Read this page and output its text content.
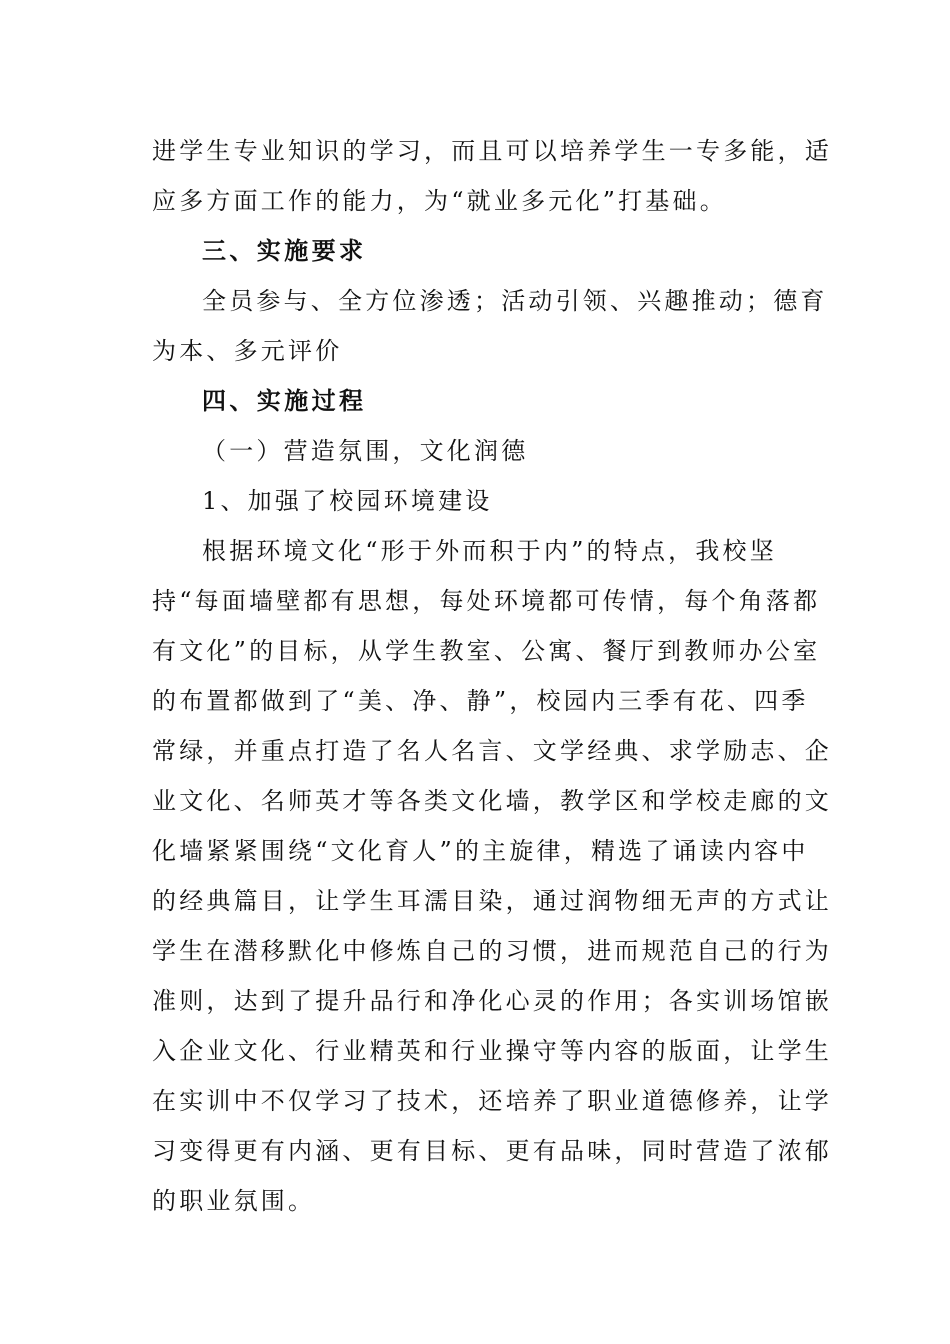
进学生专业知识的学习，而且可以培养学生一专多能，适
应多方面工作的能力，为“就业多元化”打基础。
三、实施要求
全员参与、全方位渗透；活动引领、兴趣推动；德育
为本、多元评价
四、实施过程
（一）营造氛围，文化润德
1、加强了校园环境建设
根据环境文化“形于外而积于内”的特点，我校坚
持“每面墙壁都有思想，每处环境都可传情，每个角落都
有文化”的目标，从学生教室、公寓、餐厅到教师办公室
的布置都做到了“美、净、静”，校园内三季有花、四季
常绿，并重点打造了名人名言、文学经典、求学励志、企
业文化、名师英才等各类文化墙，教学区和学校走廊的文
化墙紧紧围绕“文化育人”的主旋律，精选了诵读内容中
的经典篇目，让学生耳濡目染，通过润物细无声的方式让
学生在潜移默化中修炼自己的习惯，进而规范自己的行为
准则，达到了提升品行和净化心灵的作用；各实训场馆嵌
入企业文化、行业精英和行业操守等内容的版面，让学生
在实训中不仅学习了技术，还培养了职业道德修养，让学
习变得更有内涵、更有目标、更有品味，同时营造了浓郁
的职业氛围。
